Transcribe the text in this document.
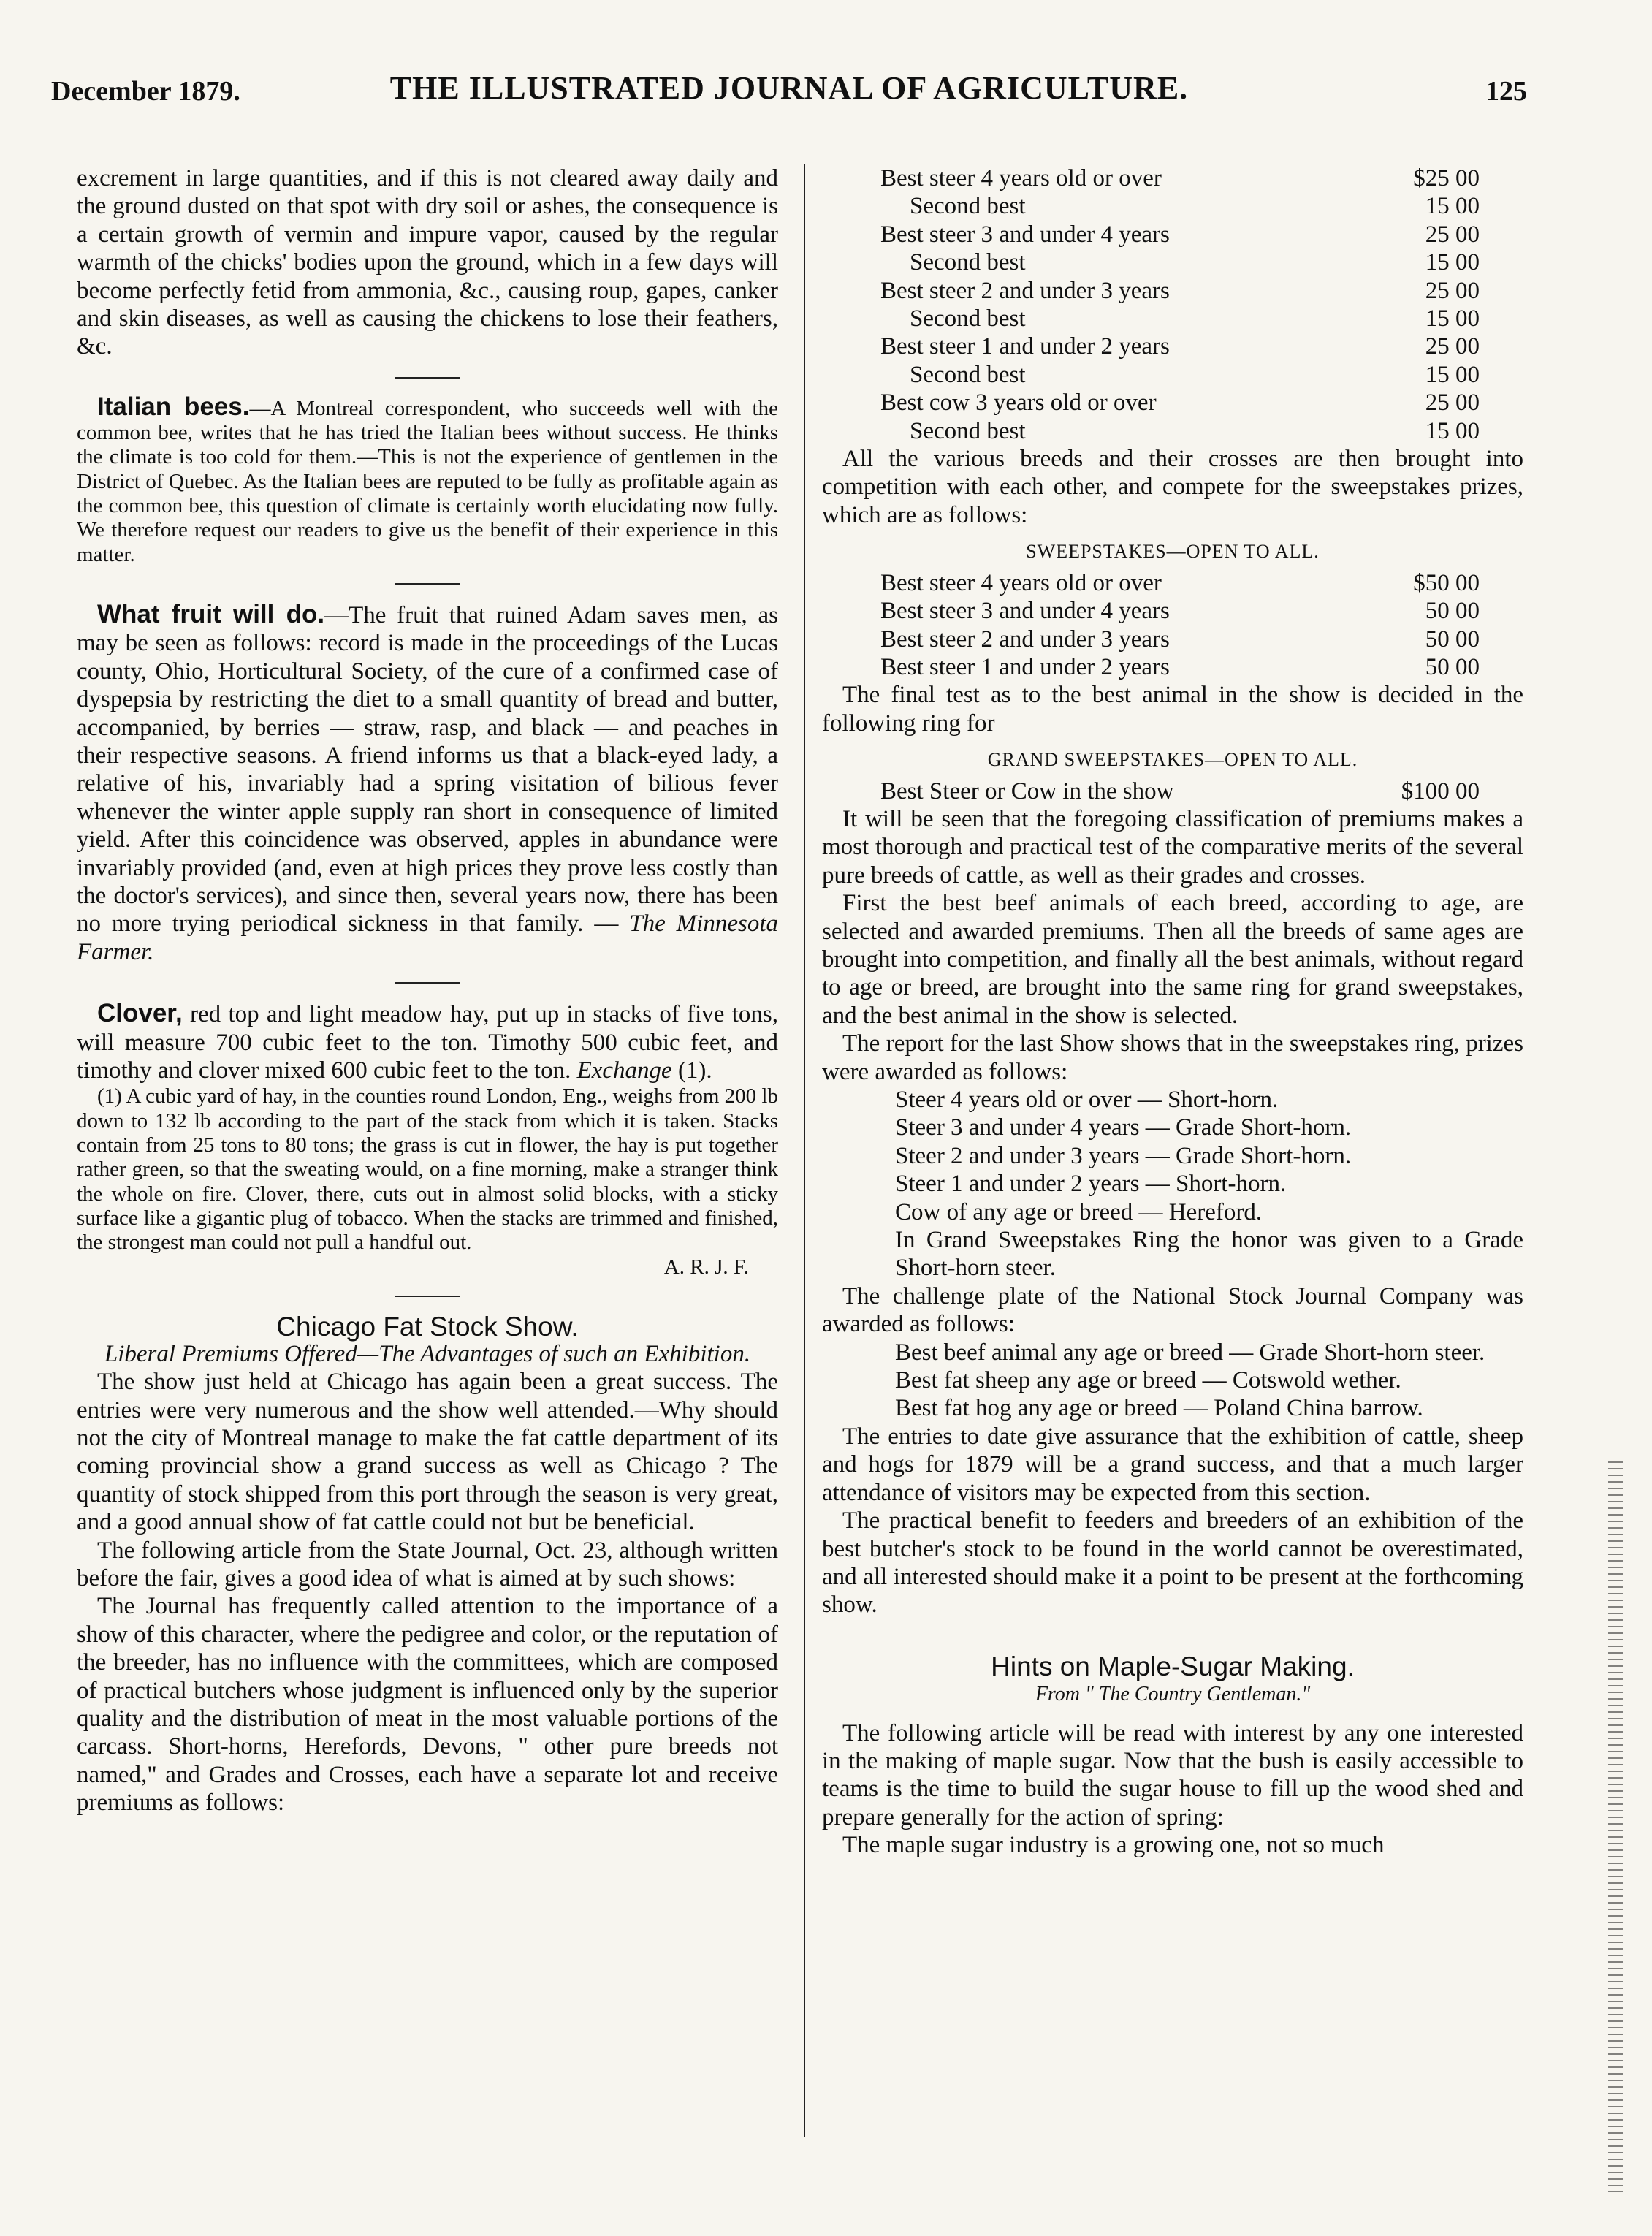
December 1879.	THE ILLUSTRATED JOURNAL OF AGRICULTURE.	125

excrement in large quantities, and if this is not cleared away daily and the ground dusted on that spot with dry soil or ashes, the consequence is a certain growth of vermin and impure vapor, caused by the regular warmth of the chicks' bodies upon the ground, which in a few days will become perfectly fetid from ammonia, &c., causing roup, gapes, canker and skin diseases, as well as causing the chickens to lose their feathers, &c.

Italian bees.—A Montreal correspondent, who succeeds well with the common bee, writes that he has tried the Italian bees without success. He thinks the climate is too cold for them.—This is not the experience of gentlemen in the District of Quebec. As the Italian bees are reputed to be fully as profitable again as the common bee, this question of climate is certainly worth elucidating now fully. We therefore request our readers to give us the benefit of their experience in this matter.

What fruit will do.—The fruit that ruined Adam saves men, as may be seen as follows: record is made in the proceedings of the Lucas county, Ohio, Horticultural Society, of the cure of a confirmed case of dyspepsia by restricting the diet to a small quantity of bread and butter, accompanied, by berries — straw, rasp, and black — and peaches in their respective seasons. A friend informs us that a black-eyed lady, a relative of his, invariably had a spring visitation of bilious fever whenever the winter apple supply ran short in consequence of limited yield. After this coincidence was observed, apples in abundance were invariably provided (and, even at high prices they prove less costly than the doctor's services), and since then, several years now, there has been no more trying periodical sickness in that family. — The Minnesota Farmer.

Clover, red top and light meadow hay, put up in stacks of five tons, will measure 700 cubic feet to the ton. Timothy 500 cubic feet, and timothy and clover mixed 600 cubic feet to the ton. Exchange (1).

(1) A cubic yard of hay, in the counties round London, Eng., weighs from 200 lb down to 132 lb according to the part of the stack from which it is taken. Stacks contain from 25 tons to 80 tons; the grass is cut in flower, the hay is put together rather green, so that the sweating would, on a fine morning, make a stranger think the whole on fire. Clover, there, cuts out in almost solid blocks, with a sticky surface like a gigantic plug of tobacco. When the stacks are trimmed and finished, the strongest man could not pull a handful out.

A. R. J. F.

Chicago Fat Stock Show.
Liberal Premiums Offered—The Advantages of such an Exhibition.

The show just held at Chicago has again been a great success. The entries were very numerous and the show well attended.—Why should not the city of Montreal manage to make the fat cattle department of its coming provincial show a grand success as well as Chicago ? The quantity of stock shipped from this port through the season is very great, and a good annual show of fat cattle could not but be beneficial.

The following article from the State Journal, Oct. 23, although written before the fair, gives a good idea of what is aimed at by such shows:

The Journal has frequently called attention to the importance of a show of this character, where the pedigree and color, or the reputation of the breeder, has no influence with the committees, which are composed of practical butchers whose judgment is influenced only by the superior quality and the distribution of meat in the most valuable portions of the carcass. Short-horns, Herefords, Devons, " other pure breeds not named," and Grades and Crosses, each have a separate lot and receive premiums as follows:

Best steer 4 years old or over	$25 00
Second best	15 00
Best steer 3 and under 4 years	25 00
Second best	15 00
Best steer 2 and under 3 years	25 00
Second best	15 00
Best steer 1 and under 2 years	25 00
Second best	15 00
Best cow 3 years old or over	25 00
Second best	15 00

All the various breeds and their crosses are then brought into competition with each other, and compete for the sweepstakes prizes, which are as follows:

SWEEPSTAKES—OPEN TO ALL.
Best steer 4 years old or over	$50 00
Best steer 3 and under 4 years	50 00
Best steer 2 and under 3 years	50 00
Best steer 1 and under 2 years	50 00

The final test as to the best animal in the show is decided in the following ring for

GRAND SWEEPSTAKES—OPEN TO ALL.
Best Steer or Cow in the show	$100 00

It will be seen that the foregoing classification of premiums makes a most thorough and practical test of the comparative merits of the several pure breeds of cattle, as well as their grades and crosses.

First the best beef animals of each breed, according to age, are selected and awarded premiums. Then all the breeds of same ages are brought into competition, and finally all the best animals, without regard to age or breed, are brought into the same ring for grand sweepstakes, and the best animal in the show is selected.

The report for the last Show shows that in the sweepstakes ring, prizes were awarded as follows:

Steer 4 years old or over — Short-horn.

Steer 3 and under 4 years — Grade Short-horn.

Steer 2 and under 3 years — Grade Short-horn.

Steer 1 and under 2 years — Short-horn.

Cow of any age or breed — Hereford.

In Grand Sweepstakes Ring the honor was given to a Grade Short-horn steer.

The challenge plate of the National Stock Journal Company was awarded as follows:

Best beef animal any age or breed — Grade Short-horn steer.

Best fat sheep any age or breed — Cotswold wether.

Best fat hog any age or breed — Poland China barrow.

The entries to date give assurance that the exhibition of cattle, sheep and hogs for 1879 will be a grand success, and that a much larger attendance of visitors may be expected from this section.

The practical benefit to feeders and breeders of an exhibition of the best butcher's stock to be found in the world cannot be overestimated, and all interested should make it a point to be present at the forthcoming show.

Hints on Maple-Sugar Making.
From " The Country Gentleman."

The following article will be read with interest by any one interested in the making of maple sugar. Now that the bush is easily accessible to teams is the time to build the sugar house to fill up the wood shed and prepare generally for the action of spring:

The maple sugar industry is a growing one, not so much
